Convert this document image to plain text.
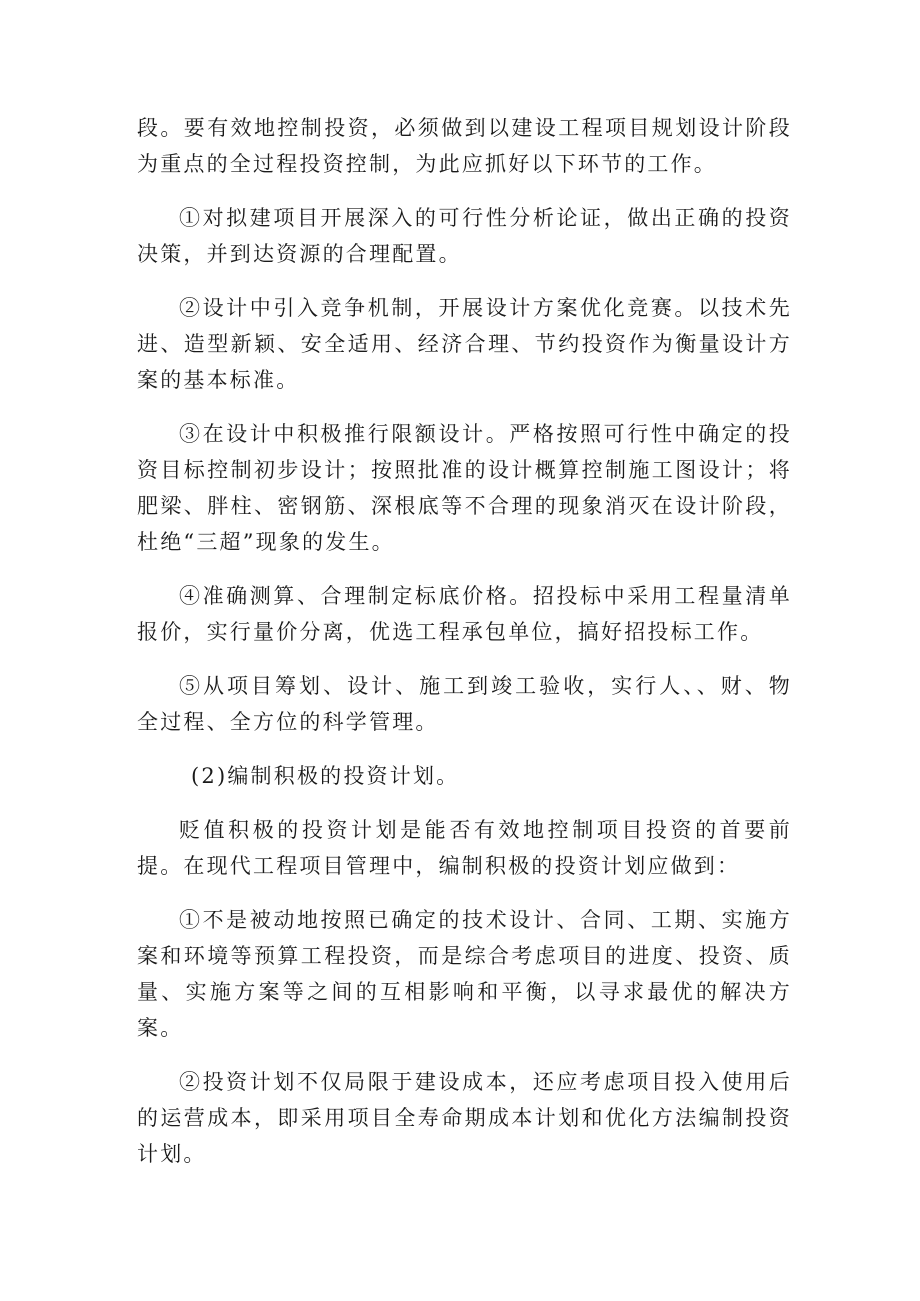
段。要有效地控制投资，必须做到以建设工程项目规划设计阶段为重点的全过程投资控制，为此应抓好以下环节的工作。

①对拟建项目开展深入的可行性分析论证，做出正确的投资决策，并到达资源的合理配置。

②设计中引入竞争机制，开展设计方案优化竞赛。以技术先进、造型新颖、安全适用、经济合理、节约投资作为衡量设计方案的基本标准。

③在设计中积极推行限额设计。严格按照可行性中确定的投资目标控制初步设计；按照批准的设计概算控制施工图设计；将肥梁、胖柱、密钢筋、深根底等不合理的现象消灭在设计阶段，杜绝“三超”现象的发生。

④准确测算、合理制定标底价格。招投标中采用工程量清单报价，实行量价分离，优选工程承包单位，搞好招投标工作。

⑤从项目筹划、设计、施工到竣工验收，实行人、、财、物全过程、全方位的科学管理。

(2)编制积极的投资计划。

贬值积极的投资计划是能否有效地控制项目投资的首要前提。在现代工程项目管理中，编制积极的投资计划应做到：

①不是被动地按照已确定的技术设计、合同、工期、实施方案和环境等预算工程投资，而是综合考虑项目的进度、投资、质量、实施方案等之间的互相影响和平衡，以寻求最优的解决方案。

②投资计划不仅局限于建设成本，还应考虑项目投入使用后的运营成本，即采用项目全寿命期成本计划和优化方法编制投资计划。
